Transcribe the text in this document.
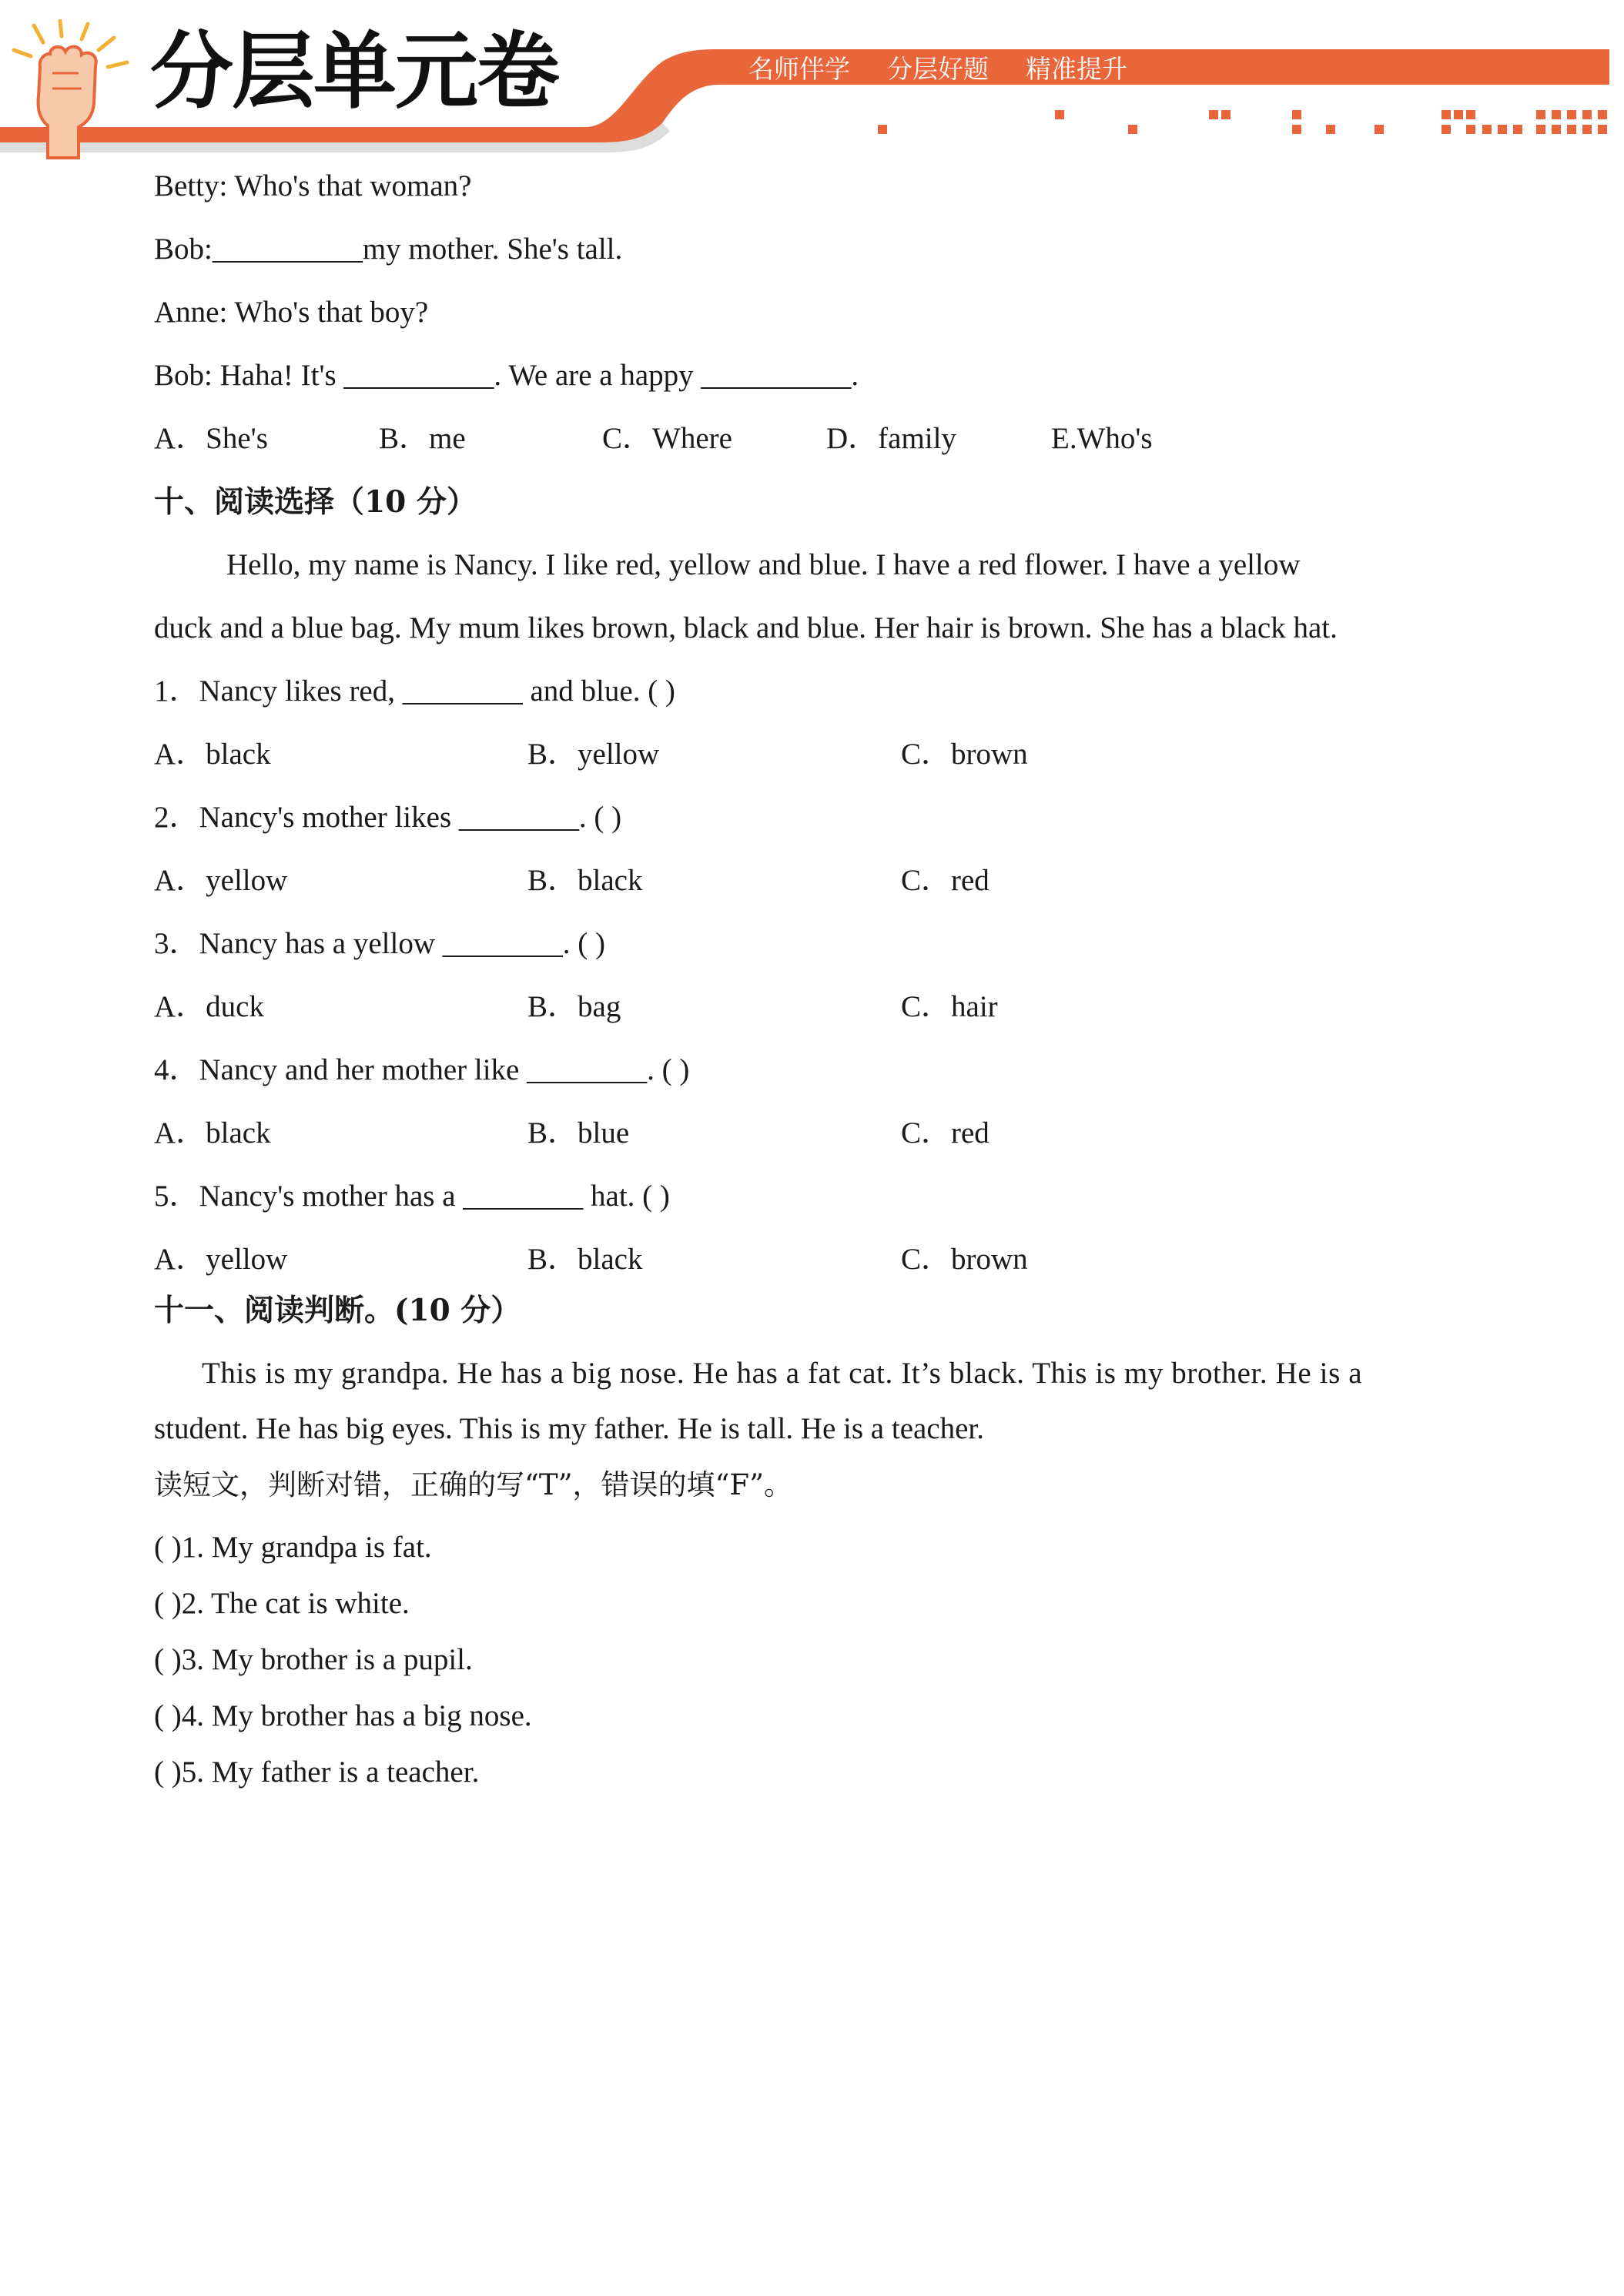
分层单元卷	名师伴学 分层好题 精准提升
Betty: Who's that woman?
Bob:__________my mother. She's tall.
Anne: Who's that boy?
Bob: Haha! It's __________. We are a happy __________.
A．She's	B．me	C．Where	D．family	E.Who's
十、阅读选择（10 分）
Hello, my name is Nancy. I like red, yellow and blue. I have a red flower. I have a yellow
duck and a blue bag. My mum likes brown, black and blue. Her hair is brown. She has a black hat.
1．Nancy likes red, ________ and blue. ( )
A．black	B．yellow	C．brown
2．Nancy's mother likes ________. ( )
A．yellow	B．black	C．red
3．Nancy has a yellow ________. ( )
A．duck	B．bag	C．hair
4．Nancy and her mother like ________. ( )
A．black	B．blue	C．red
5．Nancy's mother has a ________ hat. ( )
A．yellow	B．black	C．brown
十一、阅读判断。(10 分）
This is my grandpa. He has a big nose. He has a fat cat. It’s black. This is my brother. He is a
student. He has big eyes. This is my father. He is tall. He is a teacher.
读短文，判断对错，正确的写“T”，错误的填“F”。
( )1. My grandpa is fat.
( )2. The cat is white.
( )3. My brother is a pupil.
( )4. My brother has a big nose.
( )5. My father is a teacher.
